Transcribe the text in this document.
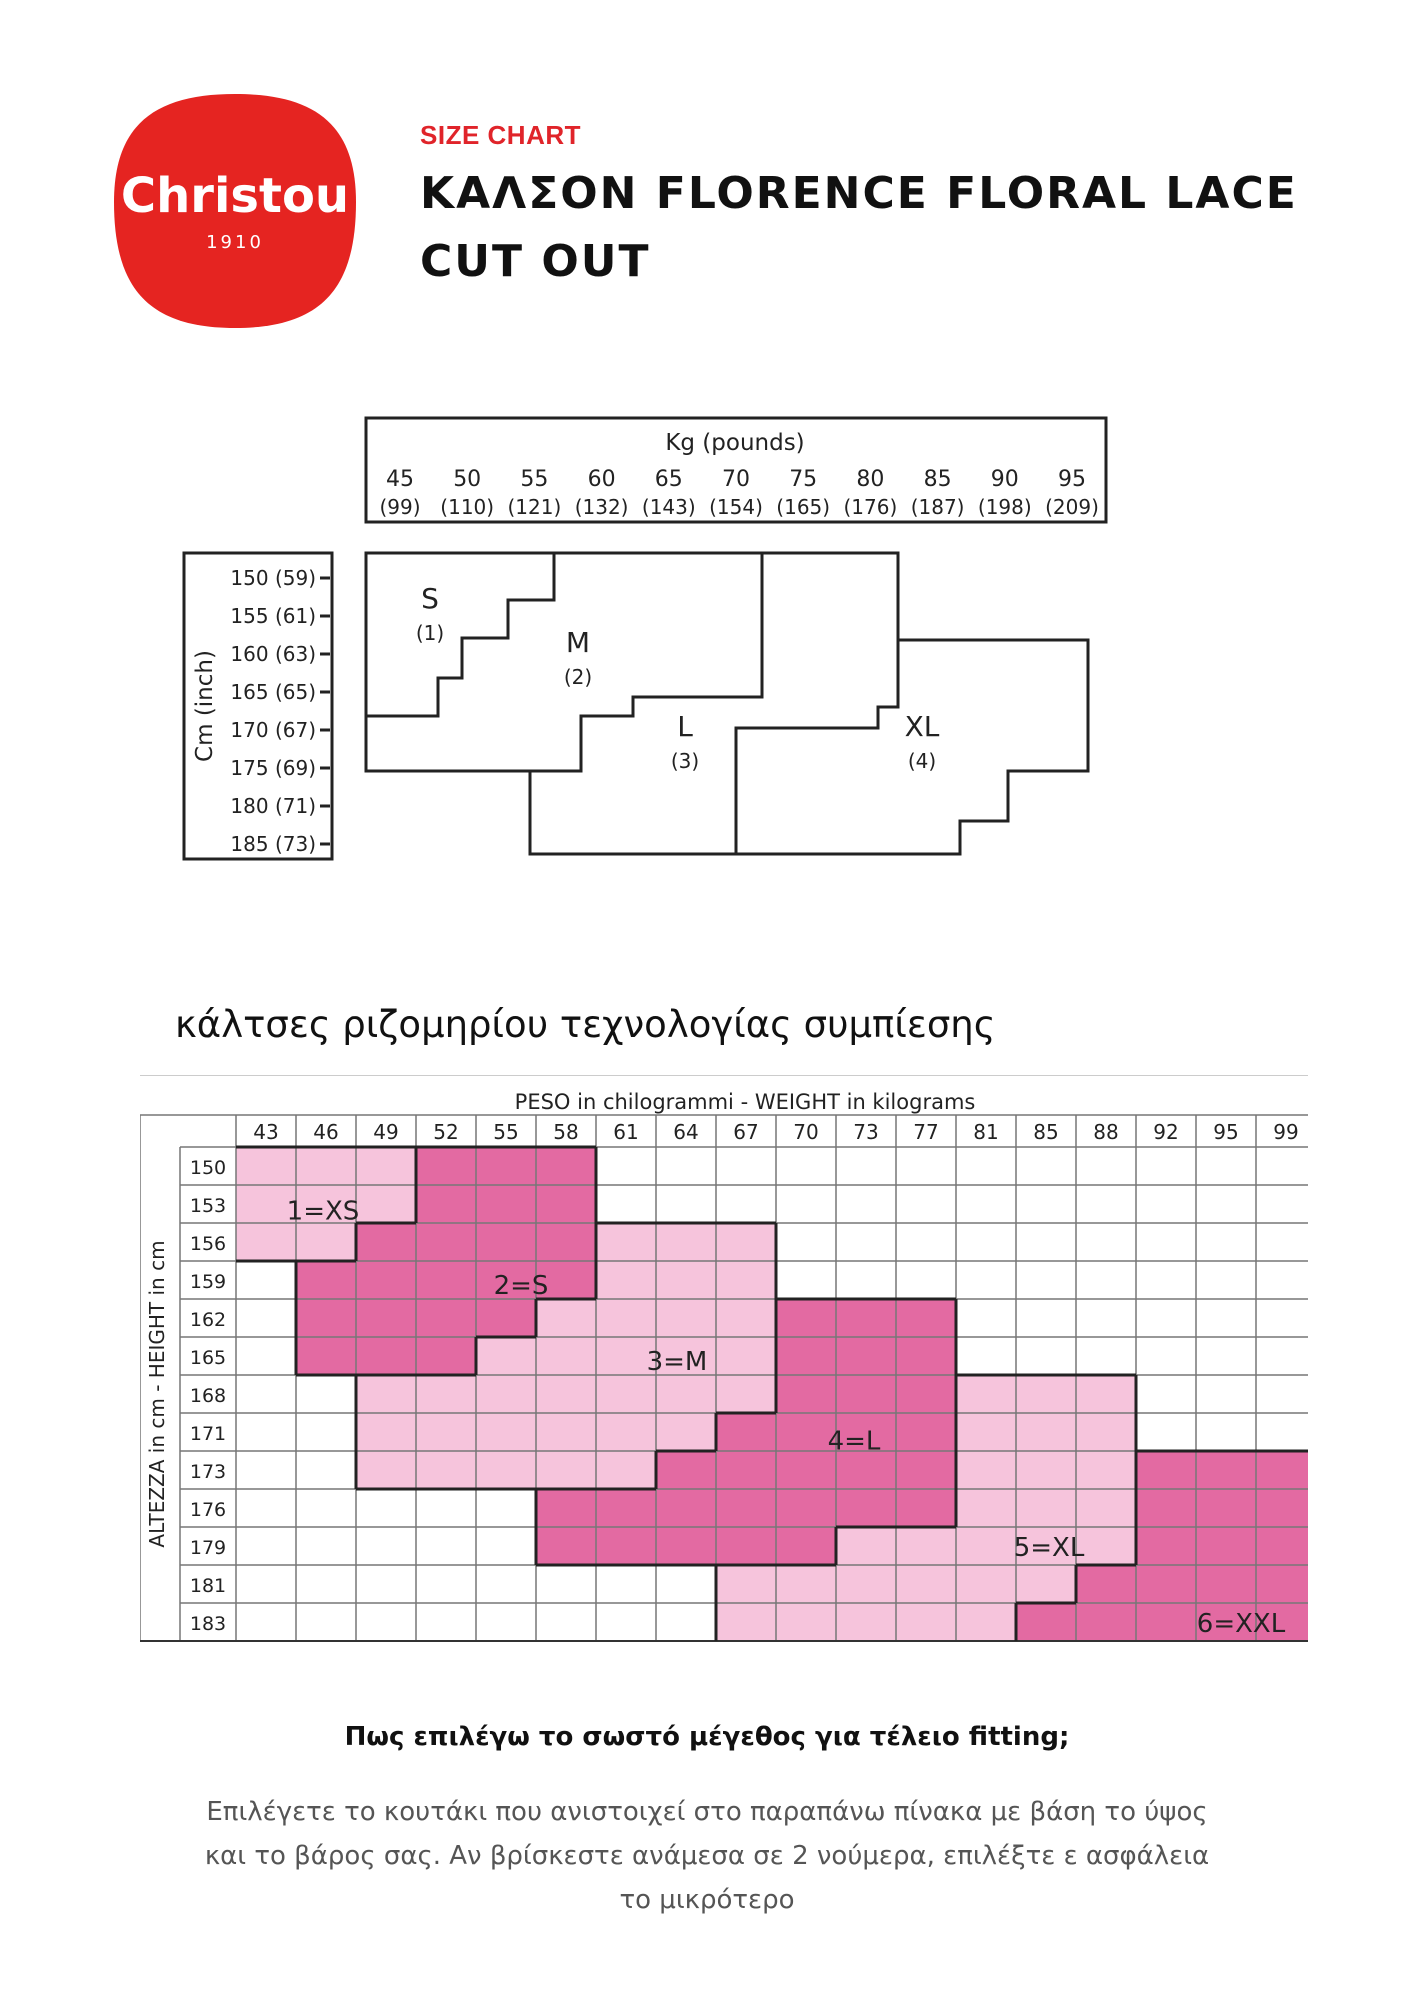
Christou
1910
SIZE CHART
ΚΑΛΣΟΝ FLORENCE FLORAL LACE CUT OUT
Kg (pounds)
45
(99)
50
(110)
55
(121)
60
(132)
65
(143)
70
(154)
75
(165)
80
(176)
85
(187)
90
(198)
95
(209)
Cm (inch)
150 (59)
155 (61)
160 (63)
165 (65)
170 (67)
175 (69)
180 (71)
185 (73)
S
(1)	M
(2)
L
(3)
XL
(4)
κάλτσες ριζομηρίου τεχνολογίας συμπίεσης
PESO in chilogrammi - WEIGHT in kilograms
43 46 49 52 55 58 61 64 67 70 73 77 81 85 88 92 95 99
150
153
156
159
162
165
168
171
173
176
179
181
183
ALTEZZA in cm - HEIGHT in cm
1=XS
2=S
3=M
4=L
5=XL
6=XXL
Πως επιλέγω το σωστό μέγεθος για τέλειο fitting;
Επιλέγετε το κουτάκι που ανιστοιχεί στο παραπάνω πίνακα με βάση το ύψος και το βάρος σας. Αν βρίσκεστε ανάμεσα σε 2 νούμερα, επιλέξτε ε ασφάλεια το μικρότερο
